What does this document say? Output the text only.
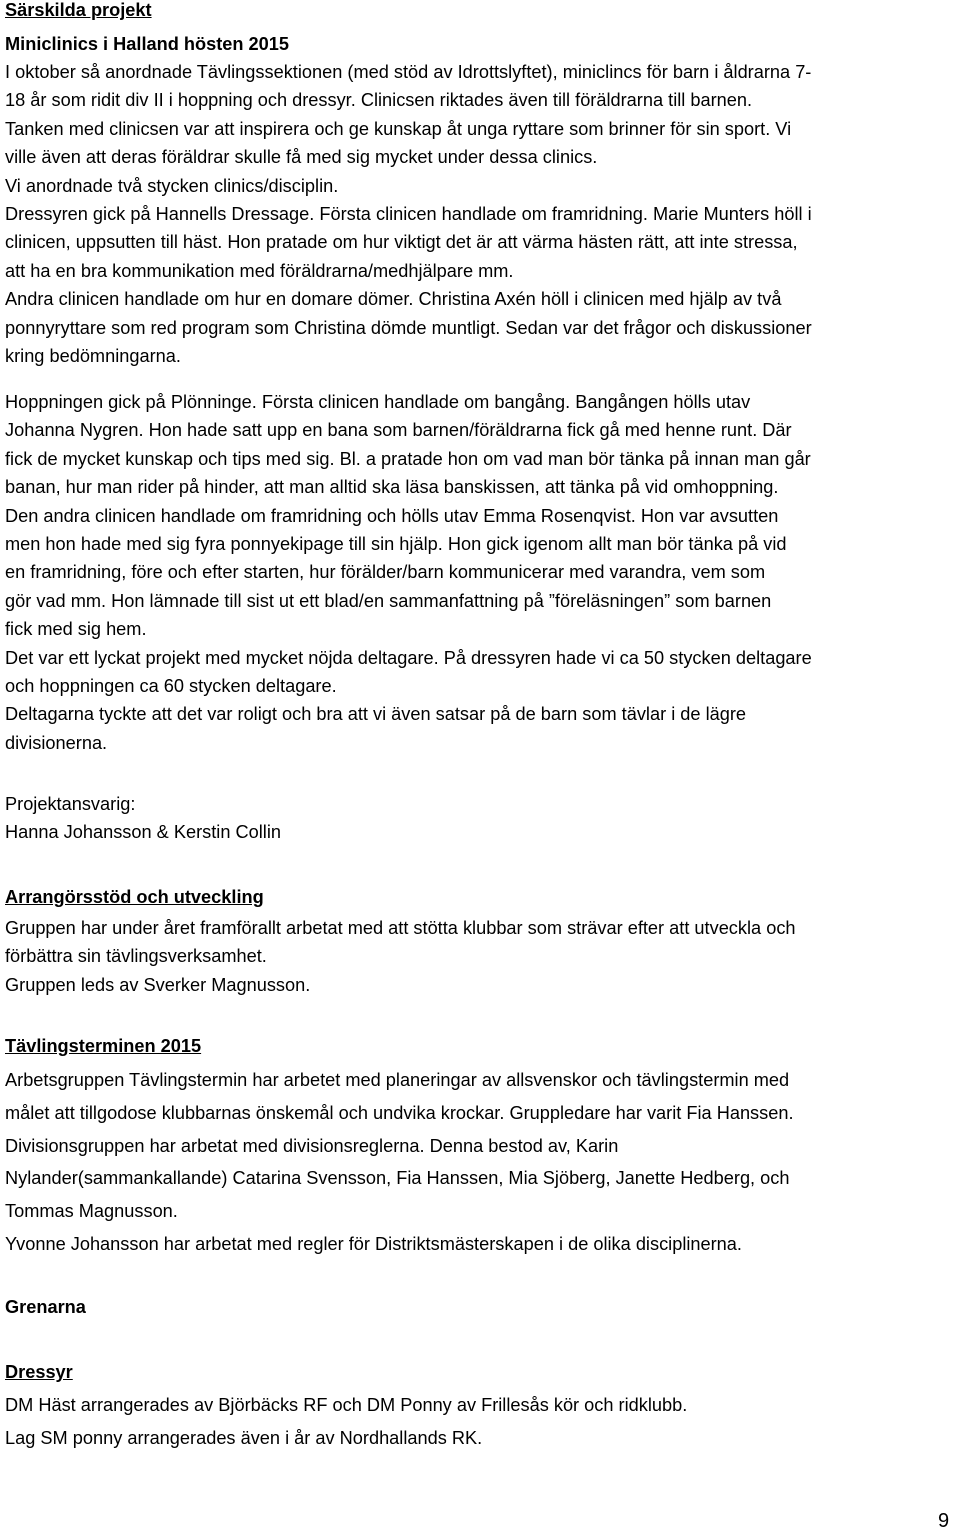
Särskilda projekt
Miniclinics i Halland hösten 2015
I oktober så anordnade Tävlingssektionen (med stöd av Idrottslyftet), miniclincs för barn i åldrarna 7-
18 år som ridit div II i hoppning och dressyr. Clinicsen riktades även till föräldrarna till barnen.
Tanken med clinicsen var att inspirera och ge kunskap åt unga ryttare som brinner för sin sport. Vi
ville även att deras föräldrar skulle få med sig mycket under dessa clinics.
Vi anordnade två stycken clinics/disciplin.
Dressyren gick på Hannells Dressage. Första clinicen handlade om framridning. Marie Munters höll i
clinicen, uppsutten till häst. Hon pratade om hur viktigt det är att värma hästen rätt, att inte stressa,
att ha en bra kommunikation med föräldrarna/medhjälpare mm.
Andra clinicen handlade om hur en domare dömer. Christina Axén höll i clinicen med hjälp av två
ponnyryttare som red program som Christina dömde muntligt. Sedan var det frågor och diskussioner
kring bedömningarna.
Hoppningen gick på Plönninge. Första clinicen handlade om bangång. Bangången hölls utav
Johanna Nygren. Hon hade satt upp en bana som barnen/föräldrarna fick gå med henne runt. Där
fick de mycket kunskap och tips med sig. Bl. a pratade hon om vad man bör tänka på innan man går
banan, hur man rider på hinder, att man alltid ska läsa banskissen, att tänka på vid omhoppning.
Den andra clinicen handlade om framridning och hölls utav Emma Rosenqvist. Hon var avsutten
men hon hade med sig fyra ponnyekipage till sin hjälp. Hon gick igenom allt man bör tänka på vid
en framridning, före och efter starten, hur förälder/barn kommunicerar med varandra, vem som
gör vad mm. Hon lämnade till sist ut ett blad/en sammanfattning på ”föreläsningen” som barnen
fick med sig hem.
Det var ett lyckat projekt med mycket nöjda deltagare. På dressyren hade vi ca 50 stycken deltagare
och hoppningen ca 60 stycken deltagare.
Deltagarna tyckte att det var roligt och bra att vi även satsar på de barn som tävlar i de lägre
divisionerna.
Projektansvarig:
Hanna Johansson & Kerstin Collin
Arrangörsstöd och utveckling
Gruppen har under året framförallt arbetat med att stötta klubbar som strävar efter att utveckla och
förbättra sin tävlingsverksamhet.
Gruppen leds av Sverker Magnusson.
Tävlingsterminen 2015
Arbetsgruppen Tävlingstermin har arbetet med planeringar av allsvenskor och tävlingstermin med
målet att tillgodose klubbarnas önskemål och undvika krockar. Gruppledare har varit Fia Hanssen.
Divisionsgruppen har arbetat med divisionsreglerna. Denna bestod av, Karin
Nylander(sammankallande) Catarina Svensson, Fia Hanssen, Mia Sjöberg, Janette Hedberg, och
Tommas Magnusson.
Yvonne Johansson har arbetat med regler för Distriktsmästerskapen i de olika disciplinerna.
Grenarna
Dressyr
DM Häst arrangerades av Björbäcks RF och DM Ponny av Frillesås kör och ridklubb.
Lag SM ponny arrangerades även i år av Nordhallands RK.
9
